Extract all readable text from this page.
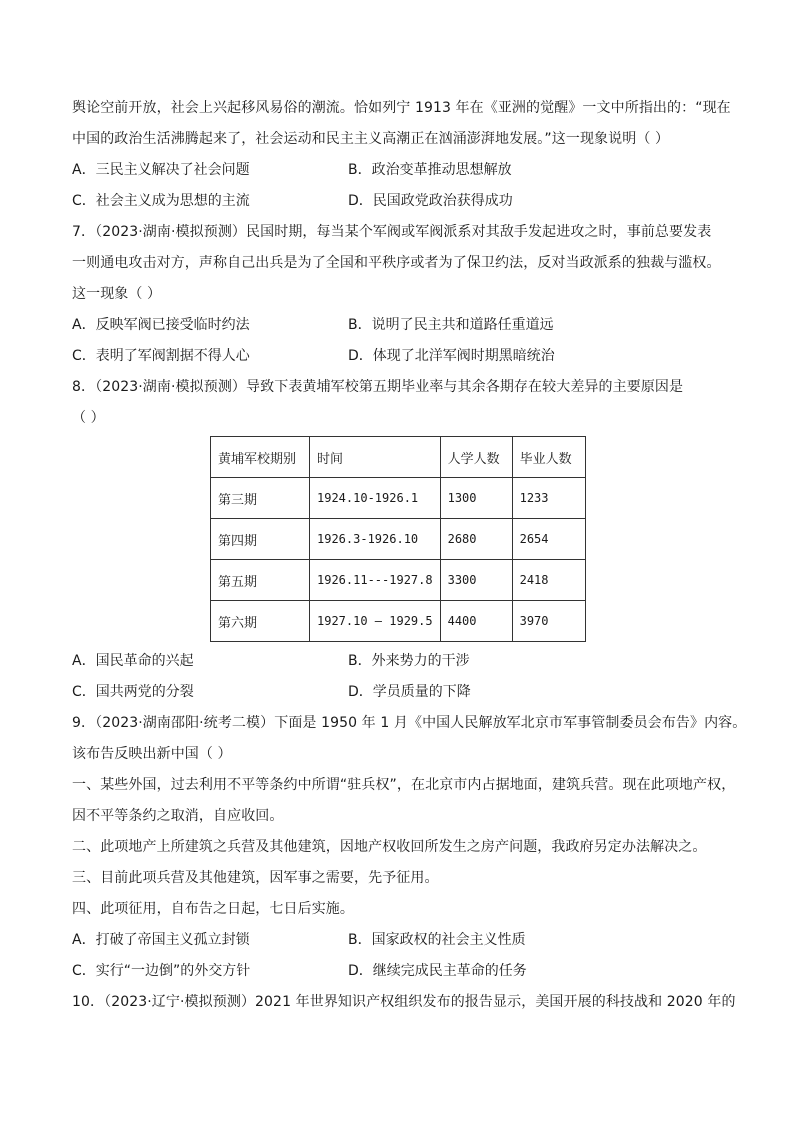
舆论空前开放，社会上兴起移风易俗的潮流。恰如列宁 1913 年在《亚洲的觉醒》一文中所指出的：“现在
中国的政治生活沸腾起来了，社会运动和民主主义高潮正在汹涌澎湃地发展。”这一现象说明（ ）
A．三民主义解决了社会问题	B．政治变革推动思想解放
C．社会主义成为思想的主流	D．民国政党政治获得成功
7．（2023·湖南·模拟预测）民国时期，每当某个军阀或军阀派系对其敌手发起进攻之时，事前总要发表
一则通电攻击对方，声称自己出兵是为了全国和平秩序或者为了保卫约法，反对当政派系的独裁与滥权。
这一现象（ ）
A．反映军阀已接受临时约法	B．说明了民主共和道路任重道远
C．表明了军阀割据不得人心	D．体现了北洋军阀时期黑暗统治
8．（2023·湖南·模拟预测）导致下表黄埔军校第五期毕业率与其余各期存在较大差异的主要原因是
（ ）
黄埔军校期别	时间	人学人数	毕业人数
第三期	1924.10-1926.1	1300	1233
第四期	1926.3-1926.10	2680	2654
第五期	1926.11---1927.8	3300	2418
第六期	1927.10 — 1929.5	4400	3970
A．国民革命的兴起	B．外来势力的干涉
C．国共两党的分裂	D．学员质量的下降
9．（2023·湖南邵阳·统考二模）下面是 1950 年 1 月《中国人民解放军北京市军事管制委员会布告》内容。
该布告反映出新中国（ ）
一、某些外国，过去利用不平等条约中所谓“驻兵权”，在北京市内占据地面，建筑兵营。现在此项地产权，
因不平等条约之取消，自应收回。
二、此项地产上所建筑之兵营及其他建筑，因地产权收回所发生之房产问题，我政府另定办法解决之。
三、目前此项兵营及其他建筑，因军事之需要，先予征用。
四、此项征用，自布告之日起，七日后实施。
A．打破了帝国主义孤立封锁	B．国家政权的社会主义性质
C．实行“一边倒”的外交方针	D．继续完成民主革命的任务
10．（2023·辽宁·模拟预测）2021 年世界知识产权组织发布的报告显示，美国开展的科技战和 2020 年的
